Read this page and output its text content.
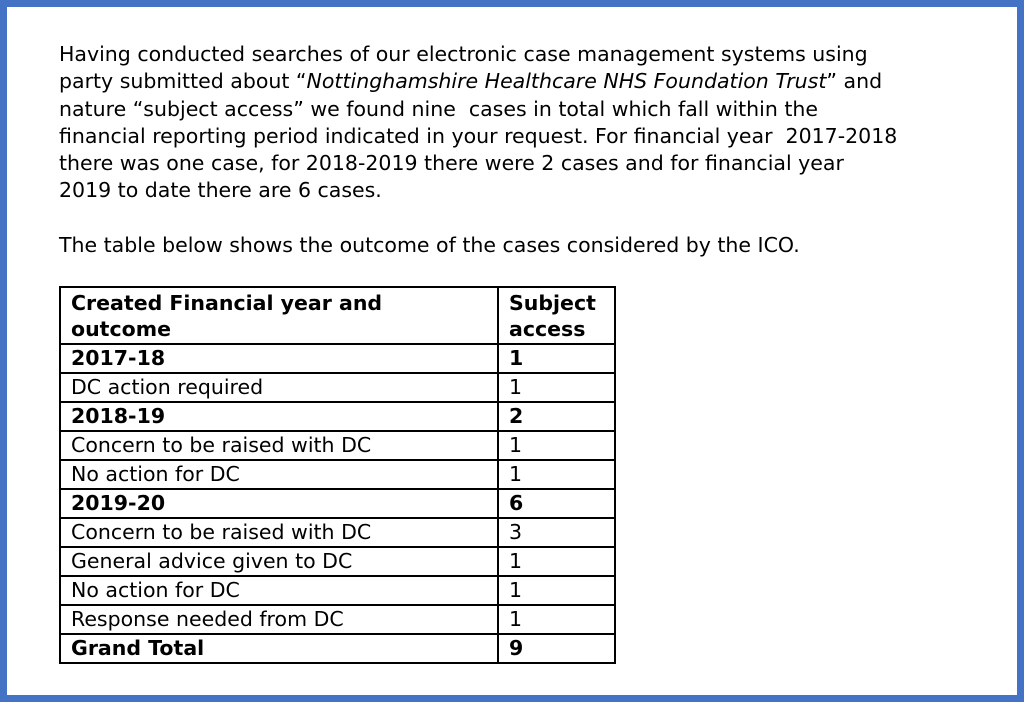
Having conducted searches of our electronic case management systems using
party submitted about “Nottinghamshire Healthcare NHS Foundation Trust” and
nature “subject access” we found nine  cases in total which fall within the
financial reporting period indicated in your request. For financial year  2017-2018
there was one case, for 2018-2019 there were 2 cases and for financial year
2019 to date there are 6 cases.

The table below shows the outcome of the cases considered by the ICO.

Created Financial year and
outcome	Subject
access
2017-18	1
DC action required	1
2018-19	2
Concern to be raised with DC	1
No action for DC	1
2019-20	6
Concern to be raised with DC	3
General advice given to DC	1
No action for DC	1
Response needed from DC	1
Grand Total	9
